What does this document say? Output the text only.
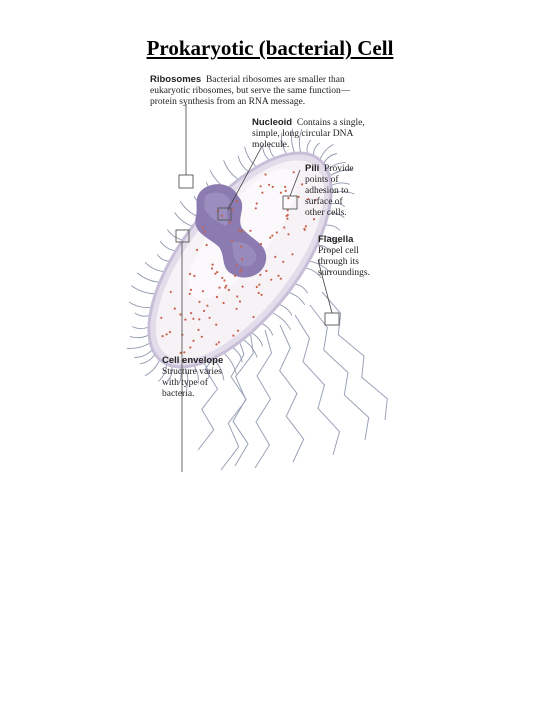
Prokaryotic (bacterial) Cell
Ribosomes Bacterial ribosomes are smaller than
eukaryotic ribosomes, but serve the same function—
protein synthesis from an RNA message.
Nucleoid Contains a single,
simple, long circular DNA
molecule.
Pili Provide
points of
adhesion to
surface of
other cells.
Flagella
Propel cell
through its
surroundings.
Cell envelope
Structure varies
with type of
bacteria.
